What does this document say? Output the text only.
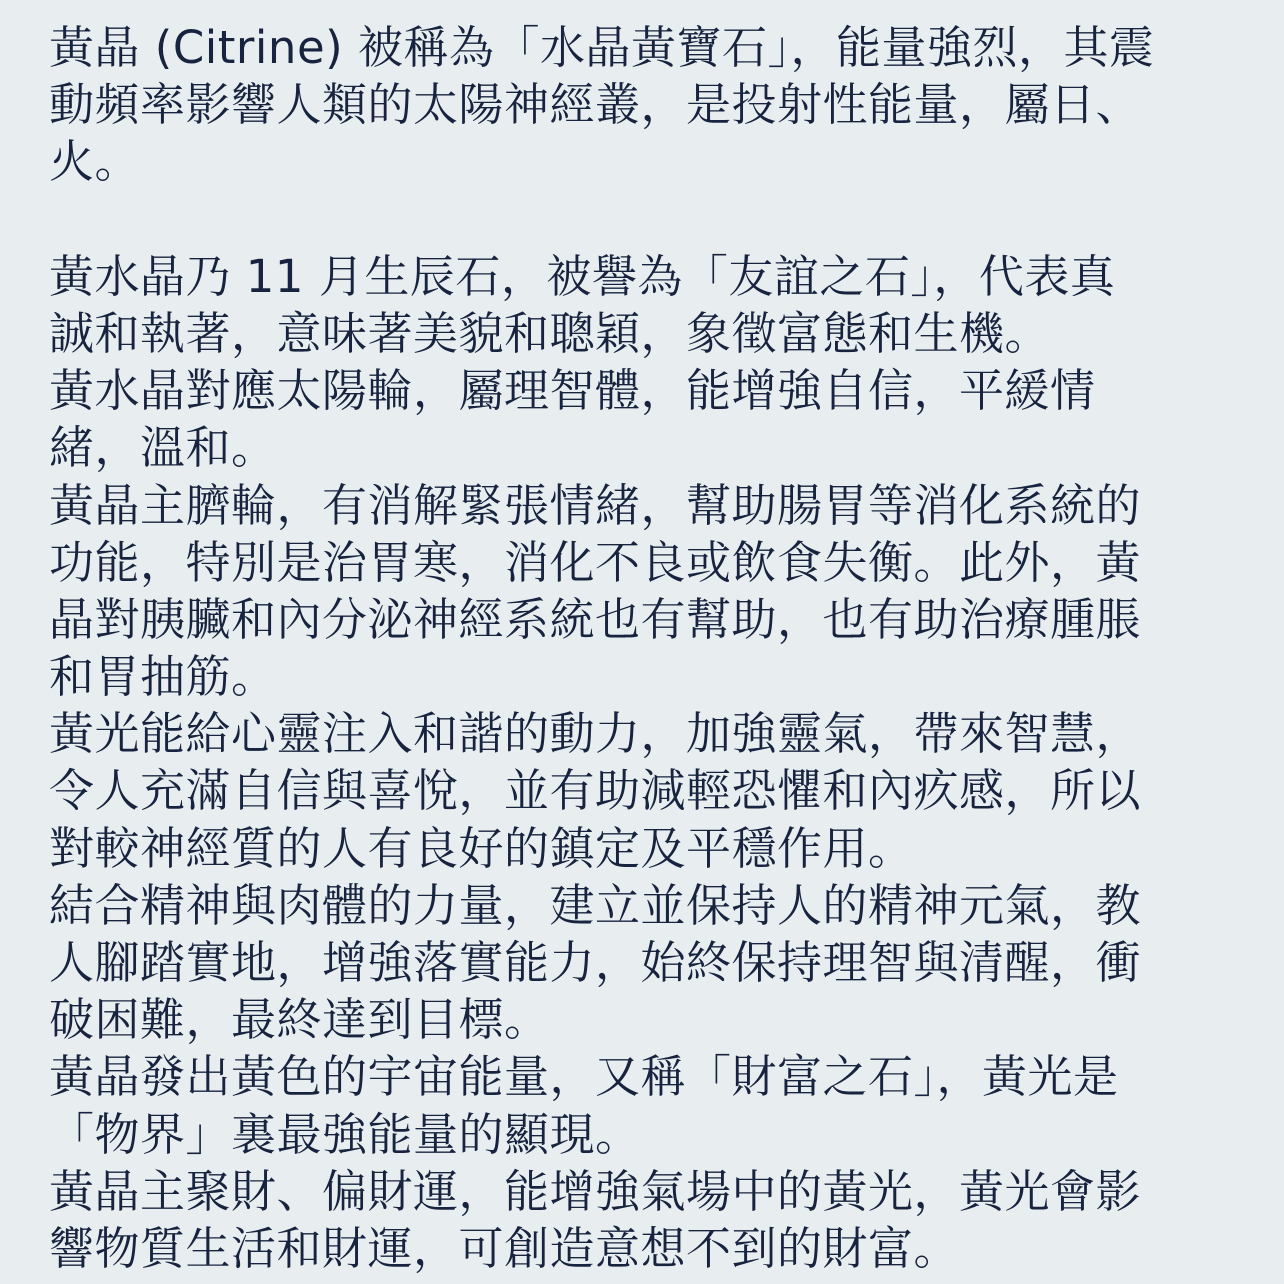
黃晶 (Citrine) 被稱為「水晶黃寶石」，能量強烈，其震
動頻率影響人類的太陽神經叢，是投射性能量，屬日、
火。
黃水晶乃 11 月生辰石，被譽為「友誼之石」，代表真
誠和執著，意味著美貌和聰穎，象徵富態和生機。
黃水晶對應太陽輪，屬理智體，能增強自信，平緩情
緒，溫和。
黃晶主臍輪，有消解緊張情緒，幫助腸胃等消化系統的
功能，特別是治胃寒，消化不良或飲食失衡。此外，黃
晶對胰臟和內分泌神經系統也有幫助，也有助治療腫脹
和胃抽筋。
黃光能給心靈注入和諧的動力，加強靈氣，帶來智慧，
令人充滿自信與喜悅，並有助減輕恐懼和內疚感，所以
對較神經質的人有良好的鎮定及平穩作用。
結合精神與肉體的力量，建立並保持人的精神元氣，教
人腳踏實地，增強落實能力，始終保持理智與清醒，衝
破困難，最終達到目標。
黃晶發出黃色的宇宙能量，又稱「財富之石」，黃光是
「物界」裏最強能量的顯現。
黃晶主聚財、偏財運，能增強氣場中的黃光，黃光會影
響物質生活和財運，可創造意想不到的財富。
